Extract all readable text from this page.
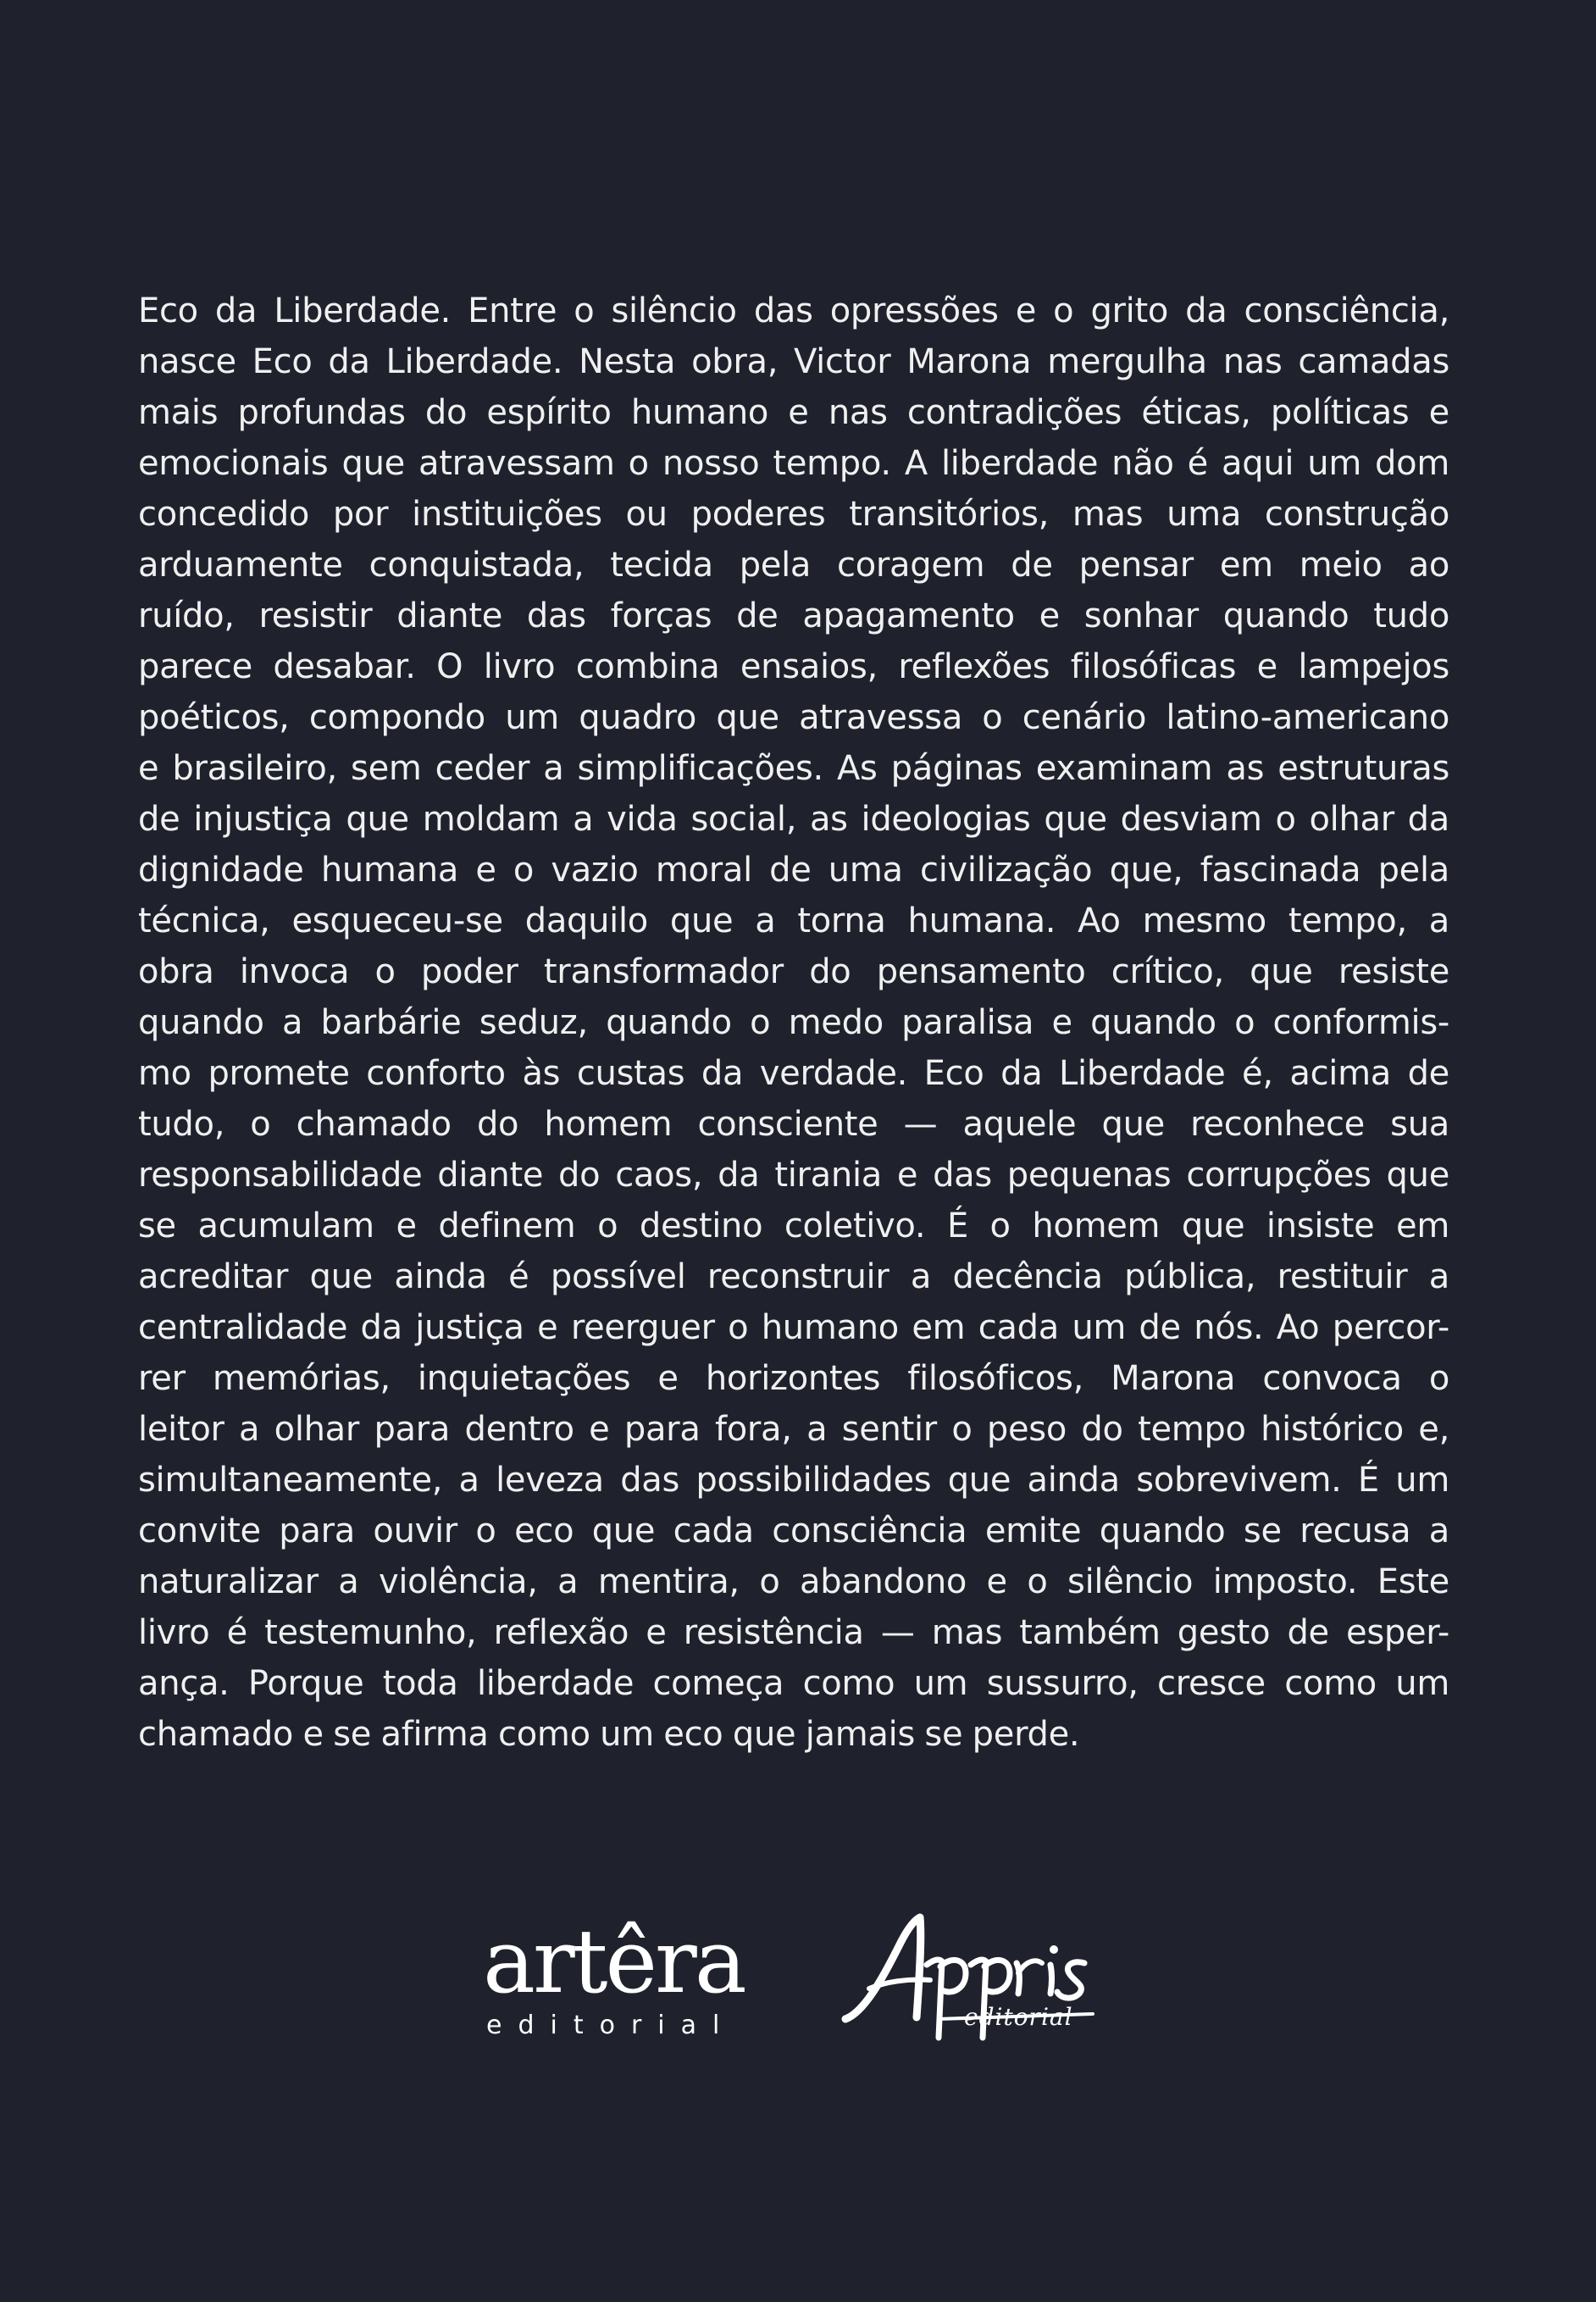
Eco da Liberdade. Entre o silêncio das opressões e o grito da consciência,
nasce Eco da Liberdade. Nesta obra, Victor Marona mergulha nas camadas
mais profundas do espírito humano e nas contradições éticas, políticas e
emocionais que atravessam o nosso tempo. A liberdade não é aqui um dom
concedido por instituições ou poderes transitórios, mas uma construção
arduamente conquistada, tecida pela coragem de pensar em meio ao
ruído, resistir diante das forças de apagamento e sonhar quando tudo
parece desabar. O livro combina ensaios, reflexões filosóficas e lampejos
poéticos, compondo um quadro que atravessa o cenário latino-americano
e brasileiro, sem ceder a simplificações. As páginas examinam as estruturas
de injustiça que moldam a vida social, as ideologias que desviam o olhar da
dignidade humana e o vazio moral de uma civilização que, fascinada pela
técnica, esqueceu-se daquilo que a torna humana. Ao mesmo tempo, a
obra invoca o poder transformador do pensamento crítico, que resiste
quando a barbárie seduz, quando o medo paralisa e quando o conformis-
mo promete conforto às custas da verdade. Eco da Liberdade é, acima de
tudo, o chamado do homem consciente — aquele que reconhece sua
responsabilidade diante do caos, da tirania e das pequenas corrupções que
se acumulam e definem o destino coletivo. É o homem que insiste em
acreditar que ainda é possível reconstruir a decência pública, restituir a
centralidade da justiça e reerguer o humano em cada um de nós. Ao percor-
rer memórias, inquietações e horizontes filosóficos, Marona convoca o
leitor a olhar para dentro e para fora, a sentir o peso do tempo histórico e,
simultaneamente, a leveza das possibilidades que ainda sobrevivem. É um
convite para ouvir o eco que cada consciência emite quando se recusa a
naturalizar a violência, a mentira, o abandono e o silêncio imposto. Este
livro é testemunho, reflexão e resistência — mas também gesto de esper-
ança. Porque toda liberdade começa como um sussurro, cresce como um
chamado e se afirma como um eco que jamais se perde.
artêra
editorial	editorial
